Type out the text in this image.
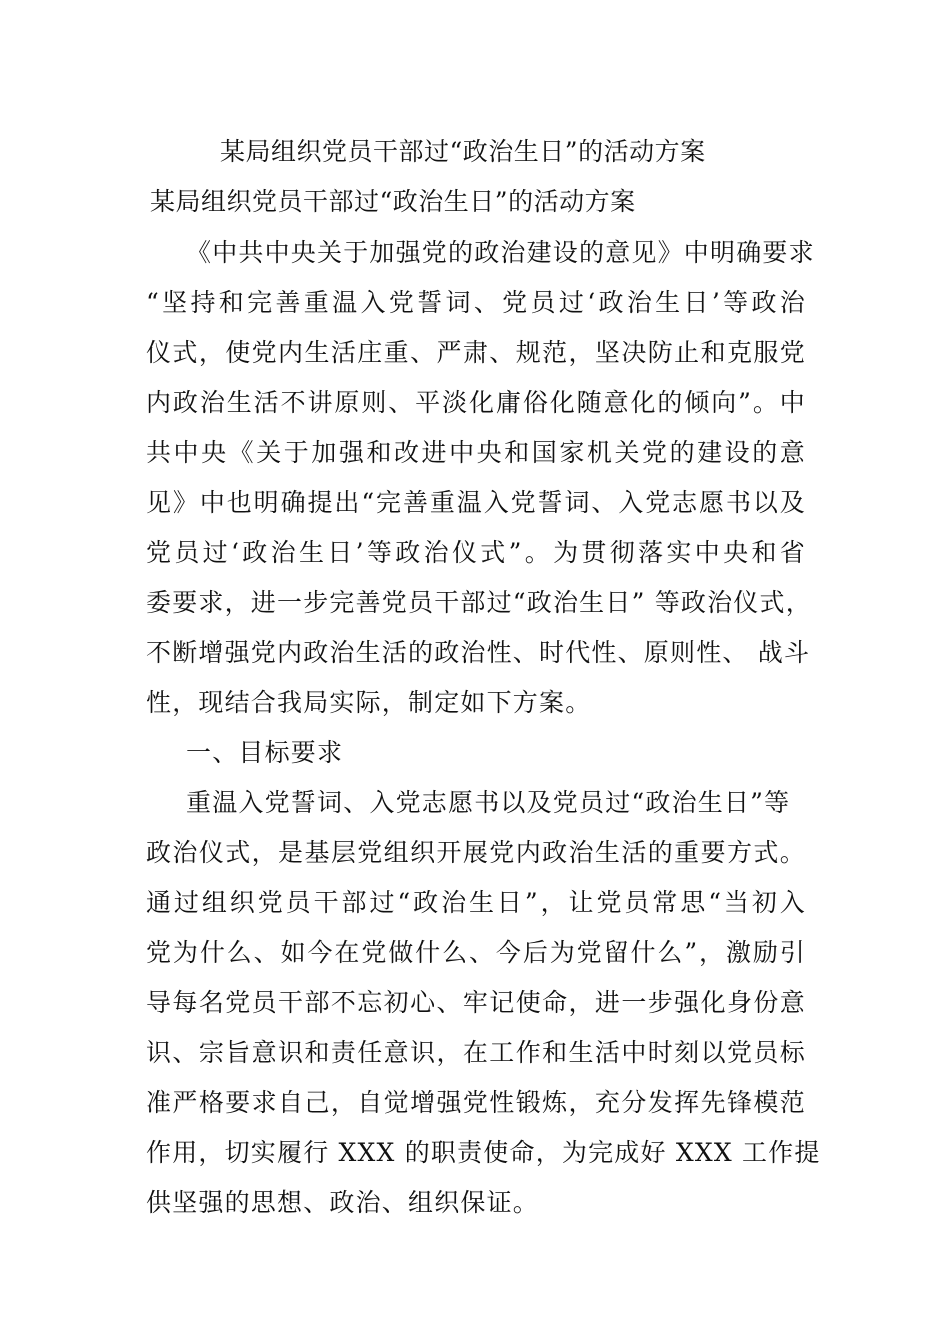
某局组织党员干部过“政治生日”的活动方案
某局组织党员干部过“政治生日”的活动方案
《中共中央关于加强党的政治建设的意见》中明确要求
“坚持和完善重温入党誓词、党员过‘政治生日’等政治
仪式，使党内生活庄重、严肃、规范，坚决防止和克服党
内政治生活不讲原则、平淡化庸俗化随意化的倾向”。中
共中央《关于加强和改进中央和国家机关党的建设的意
见》中也明确提出“完善重温入党誓词、入党志愿书以及
党员过‘政治生日’等政治仪式”。为贯彻落实中央和省
委要求，进一步完善党员干部过“政治生日” 等政治仪式，
不断增强党内政治生活的政治性、时代性、原则性、 战斗
性，现结合我局实际，制定如下方案。
一、目标要求
重温入党誓词、入党志愿书以及党员过“政治生日”等
政治仪式，是基层党组织开展党内政治生活的重要方式。
通过组织党员干部过“政治生日”，让党员常思“当初入
党为什么、如今在党做什么、今后为党留什么”，激励引
导每名党员干部不忘初心、牢记使命，进一步强化身份意
识、宗旨意识和责任意识，在工作和生活中时刻以党员标
准严格要求自己，自觉增强党性锻炼，充分发挥先锋模范
作用，切实履行 XXX 的职责使命，为完成好 XXX 工作提
供坚强的思想、政治、组织保证。
